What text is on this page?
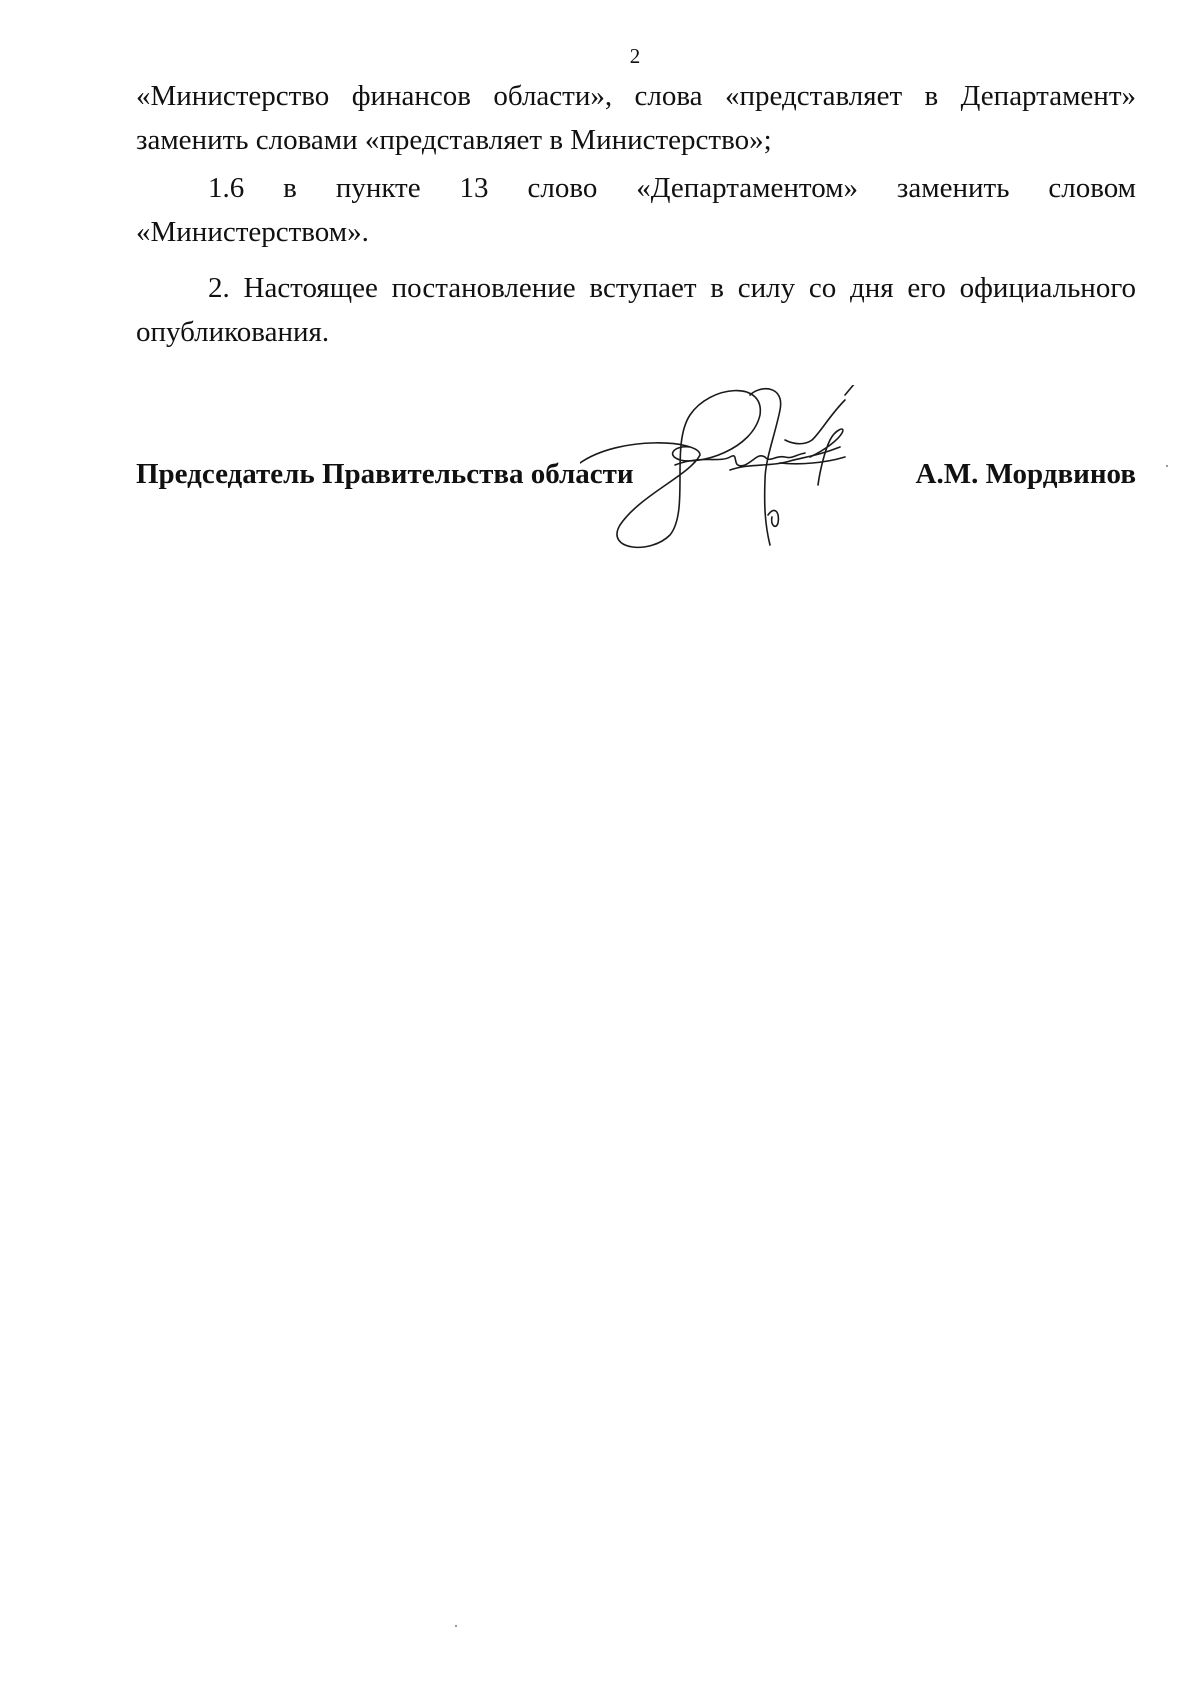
2

«Министерство финансов области», слова «представляет в Департамент» заменить словами «представляет в Министерство»;

1.6 в пункте 13 слово «Департаментом» заменить словом «Министерством».

2. Настоящее постановление вступает в силу со дня его официального опубликования.

Председатель Правительства области	А.М. Мордвинов
